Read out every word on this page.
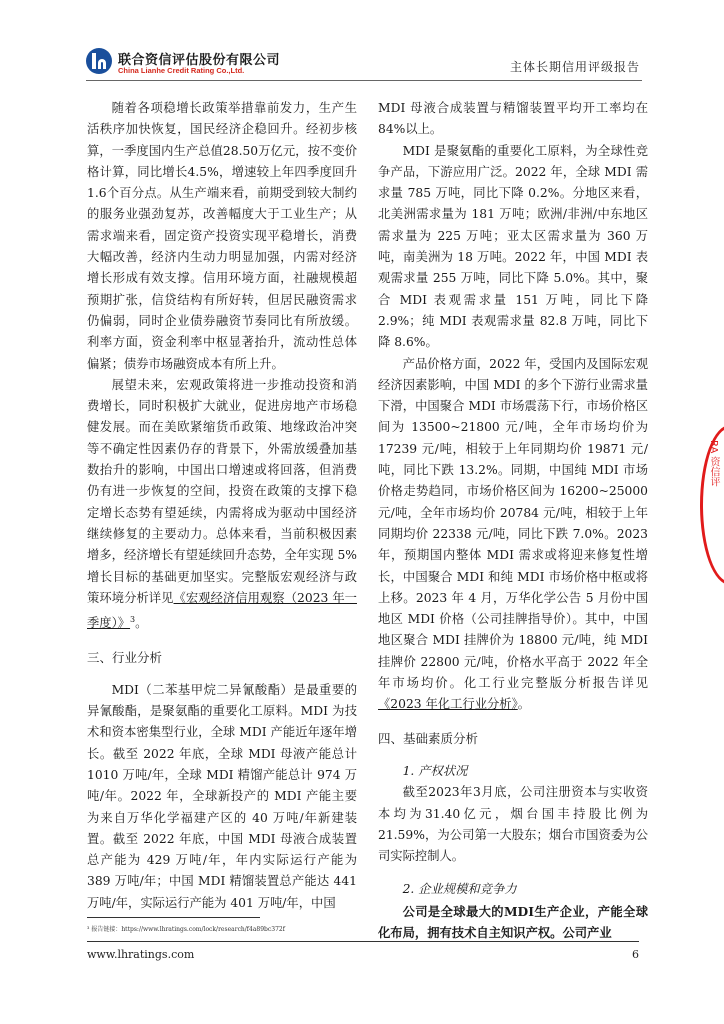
联合资信评估股份有限公司
China Lianhe Credit Rating Co.,Ltd.	主体长期信用评级报告

随着各项稳增长政策举措靠前发力，生产生活秩序加快恢复，国民经济企稳回升。经初步核算，一季度国内生产总值28.50万亿元，按不变价格计算，同比增长4.5%，增速较上年四季度回升1.6个百分点。从生产端来看，前期受到较大制约的服务业强劲复苏，改善幅度大于工业生产；从需求端来看，固定资产投资实现平稳增长，消费大幅改善，经济内生动力明显加强，内需对经济增长形成有效支撑。信用环境方面，社融规模超预期扩张，信贷结构有所好转，但居民融资需求仍偏弱，同时企业债券融资节奏同比有所放缓。利率方面，资金利率中枢显著抬升，流动性总体偏紧；债券市场融资成本有所上升。

展望未来，宏观政策将进一步推动投资和消费增长，同时积极扩大就业，促进房地产市场稳健发展。而在美欧紧缩货币政策、地缘政治冲突等不确定性因素仍存的背景下，外需放缓叠加基数抬升的影响，中国出口增速或将回落，但消费仍有进一步恢复的空间，投资在政策的支撑下稳定增长态势有望延续，内需将成为驱动中国经济继续修复的主要动力。总体来看，当前积极因素增多，经济增长有望延续回升态势，全年实现 5%增长目标的基础更加坚实。完整版宏观经济与政策环境分析详见《宏观经济信用观察（2023 年一季度）》$^3$。

三、行业分析

MDI（二苯基甲烷二异氰酸酯）是最重要的异氰酸酯，是聚氨酯的重要化工原料。MDI 为技术和资本密集型行业，全球 MDI 产能近年逐年增长。截至 2022 年底，全球 MDI 母液产能总计 1010 万吨/年，全球 MDI 精馏产能总计 974 万吨/年。2022 年，全球新投产的 MDI 产能主要为来自万华化学福建产区的 40 万吨/年新建装置。截至 2022 年底，中国 MDI 母液合成装置总产能为 429 万吨/年，年内实际运行产能为 389 万吨/年；中国 MDI 精馏装置总产能达 441 万吨/年，实际运行产能为 401 万吨/年，中国

MDI 母液合成装置与精馏装置平均开工率均在 84%以上。

MDI 是聚氨酯的重要化工原料，为全球性竞争产品，下游应用广泛。2022 年，全球 MDI 需求量 785 万吨，同比下降 0.2%。分地区来看，北美洲需求量为 181 万吨；欧洲/非洲/中东地区需求量为 225 万吨；亚太区需求量为 360 万吨，南美洲为 18 万吨。2022 年，中国 MDI 表观需求量 255 万吨，同比下降 5.0%。其中，聚合 MDI 表观需求量 151 万吨，同比下降 2.9%；纯 MDI 表观需求量 82.8 万吨，同比下降 8.6%。

产品价格方面，2022 年，受国内及国际宏观经济因素影响，中国 MDI 的多个下游行业需求量下滑，中国聚合 MDI 市场震荡下行，市场价格区间为 13500~21800 元/吨，全年市场均价为 17239 元/吨，相较于上年同期均价 19871 元/吨，同比下跌 13.2%。同期，中国纯 MDI 市场价格走势趋同，市场价格区间为 16200~25000 元/吨，全年市场均价 20784 元/吨，相较于上年同期均价 22338 元/吨，同比下跌 7.0%。2023 年，预期国内整体 MDI 需求或将迎来修复性增长，中国聚合 MDI 和纯 MDI 市场价格中枢或将上移。2023 年 4 月，万华化学公告 5 月份中国地区 MDI 价格（公司挂牌指导价）。其中，中国地区聚合 MDI 挂牌价为 18800 元/吨，纯 MDI 挂牌价 22800 元/吨，价格水平高于 2022 年全年市场均价。化工行业完整版分析报告详见《2023 年化工行业分析》。

四、基础素质分析

1. 产权状况

截至2023年3月底，公司注册资本与实收资本均为31.40亿元，烟台国丰持股比例为21.59%，为公司第一大股东；烟台市国资委为公司实际控制人。

2. 企业规模和竞争力

公司是全球最大的MDI生产企业，产能全球化布局，拥有技术自主知识产权。公司产业

³ 报告链接：https://www.lhratings.com/lock/research/f4a89bc372f
www.lhratings.com	6
RA 资信评
